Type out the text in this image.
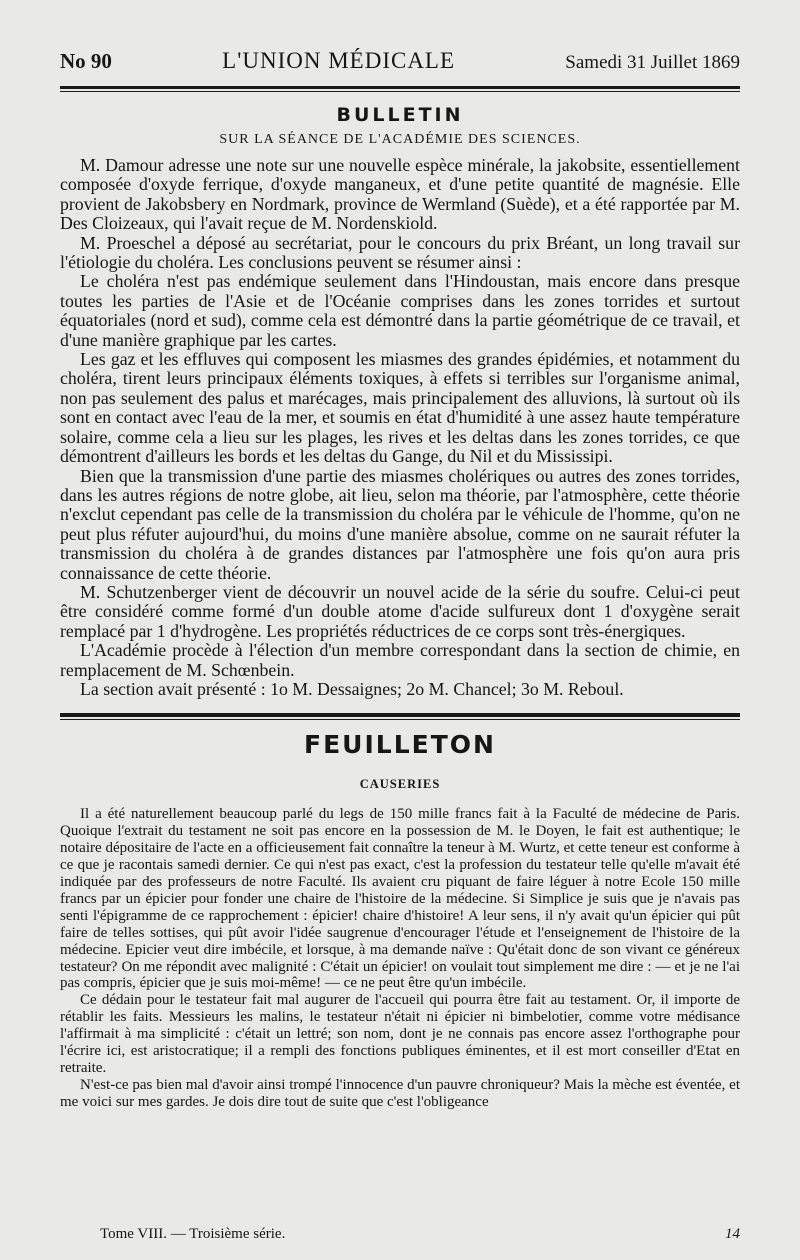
No 90	L'UNION MÉDICALE	Samedi 31 Juillet 1869
BULLETIN
SUR LA SÉANCE DE L'ACADÉMIE DES SCIENCES.

M. Damour adresse une note sur une nouvelle espèce minérale, la jakobsite, essentiellement composée d'oxyde ferrique, d'oxyde manganeux, et d'une petite quantité de magnésie. Elle provient de Jakobsbery en Nordmark, province de Wermland (Suède), et a été rapportée par M. Des Cloizeaux, qui l'avait reçue de M. Nordenskiold.

M. Proeschel a déposé au secrétariat, pour le concours du prix Bréant, un long travail sur l'étiologie du choléra. Les conclusions peuvent se résumer ainsi :

Le choléra n'est pas endémique seulement dans l'Hindoustan, mais encore dans presque toutes les parties de l'Asie et de l'Océanie comprises dans les zones torrides et surtout équatoriales (nord et sud), comme cela est démontré dans la partie géométrique de ce travail, et d'une manière graphique par les cartes.

Les gaz et les effluves qui composent les miasmes des grandes épidémies, et notamment du choléra, tirent leurs principaux éléments toxiques, à effets si terribles sur l'organisme animal, non pas seulement des palus et marécages, mais principalement des alluvions, là surtout où ils sont en contact avec l'eau de la mer, et soumis en état d'humidité à une assez haute température solaire, comme cela a lieu sur les plages, les rives et les deltas dans les zones torrides, ce que démontrent d'ailleurs les bords et les deltas du Gange, du Nil et du Mississipi.

Bien que la transmission d'une partie des miasmes cholériques ou autres des zones torrides, dans les autres régions de notre globe, ait lieu, selon ma théorie, par l'atmosphère, cette théorie n'exclut cependant pas celle de la transmission du choléra par le véhicule de l'homme, qu'on ne peut plus réfuter aujourd'hui, du moins d'une manière absolue, comme on ne saurait réfuter la transmission du choléra à de grandes distances par l'atmosphère une fois qu'on aura pris connaissance de cette théorie.

M. Schutzenberger vient de découvrir un nouvel acide de la série du soufre. Celui-ci peut être considéré comme formé d'un double atome d'acide sulfureux dont 1 d'oxygène serait remplacé par 1 d'hydrogène. Les propriétés réductrices de ce corps sont très-énergiques.

L'Académie procède à l'élection d'un membre correspondant dans la section de chimie, en remplacement de M. Schœnbein.

La section avait présenté : 1o M. Dessaignes; 2o M. Chancel; 3o M. Reboul.

FEUILLETON
CAUSERIES

Il a été naturellement beaucoup parlé du legs de 150 mille francs fait à la Faculté de médecine de Paris. Quoique l'extrait du testament ne soit pas encore en la possession de M. le Doyen, le fait est authentique; le notaire dépositaire de l'acte en a officieusement fait connaître la teneur à M. Wurtz, et cette teneur est conforme à ce que je racontais samedi dernier. Ce qui n'est pas exact, c'est la profession du testateur telle qu'elle m'avait été indiquée par des professeurs de notre Faculté. Ils avaient cru piquant de faire léguer à notre Ecole 150 mille francs par un épicier pour fonder une chaire de l'histoire de la médecine. Si Simplice je suis que je n'avais pas senti l'épigramme de ce rapprochement : épicier! chaire d'histoire! A leur sens, il n'y avait qu'un épicier qui pût faire de telles sottises, qui pût avoir l'idée saugrenue d'encourager l'étude et l'enseignement de l'histoire de la médecine. Epicier veut dire imbécile, et lorsque, à ma demande naïve : Qu'était donc de son vivant ce généreux testateur? On me répondit avec malignité : C'était un épicier! on voulait tout simplement me dire : — et je ne l'ai pas compris, épicier que je suis moi-même! — ce ne peut être qu'un imbécile.

Ce dédain pour le testateur fait mal augurer de l'accueil qui pourra être fait au testament. Or, il importe de rétablir les faits. Messieurs les malins, le testateur n'était ni épicier ni bimbelotier, comme votre médisance l'affirmait à ma simplicité : c'était un lettré; son nom, dont je ne connais pas encore assez l'orthographe pour l'écrire ici, est aristocratique; il a rempli des fonctions publiques éminentes, et il est mort conseiller d'Etat en retraite.

N'est-ce pas bien mal d'avoir ainsi trompé l'innocence d'un pauvre chroniqueur? Mais la mèche est éventée, et me voici sur mes gardes. Je dois dire tout de suite que c'est l'obligeance

Tome VIII. — Troisième série.	14
